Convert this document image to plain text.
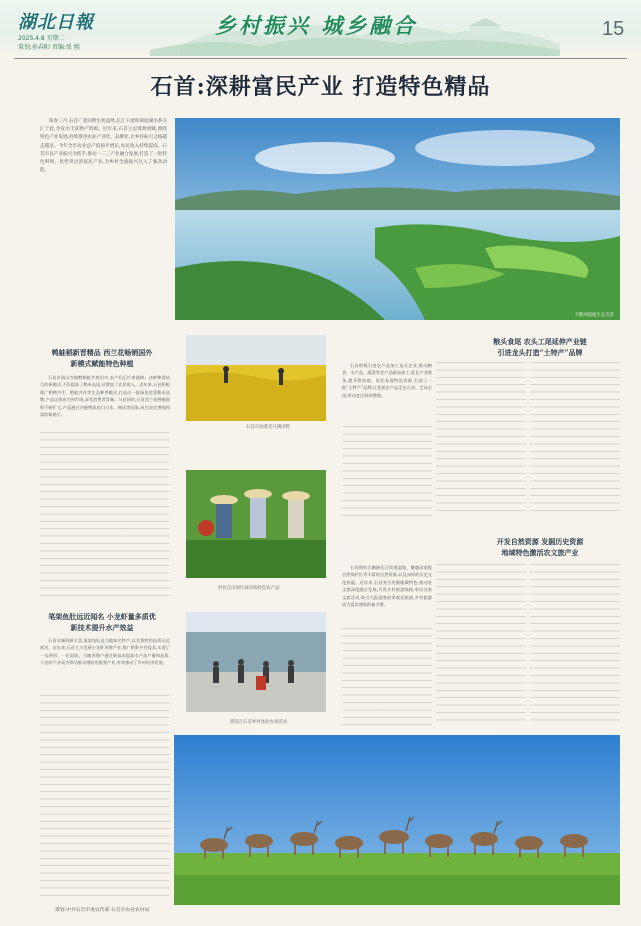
湖北日報
2025.4.8 星期二
策划:孙春阳 责编:张 熙
乡村振兴 城乡融合	15
石首:深耕富民产业 打造特色精品
阳春三月,石首广袤田野生机盎然,长江干流和洞庭湖水系交汇于此,孕育出丰富物产资源。近年来,石首立足资源禀赋,围绕特色产业发展,持续推进农业产业化、品牌化,让乡村振兴之路越走越宽。今年全市农业总产值稳步增长,农民收入持续提高。石首市以产业振兴为抓手,推动一二三产业融合发展,打造了一批特色鲜明、优势突出的富民产业,为乡村全面振兴注入了强劲动能。
天鹅洲湿地生态美景
鸭蛙稻新晋精品 西兰花畅销国外
新模式赋能特色种植
石首市团山寺镇鸭稻蛙共育田中,农户们正忙着插秧。这种种养结合的新模式,不仅提高了稻米品质,还增加了农民收入。近年来,石首积极推广稻鸭共生、稻蛙共作等生态种养模式,打造出一批绿色优质稻米品牌,产品远销省内外市场,深受消费者青睐。与此同时,石首西兰花种植面积不断扩大,产品通过冷链物流出口日本、韩国等国家,成为农民增收致富的新路子。
笔架鱼肚远近闻名 小龙虾量多质优
新技术提升水产效益
石首水域资源丰富,笔架鱼肚是当地知名特产,以其独特的品质远近闻名。近年来,石首大力发展小龙虾养殖产业,推广稻虾共作技术,实现了一水两用、一田双收。当地养殖户通过新技术提高水产品产量和品质,小龙虾产业成为带动群众增收的重要产业,有效推动了乡村经济发展。
石首市油菜花开满田野
村民在田间忙碌采收特色农产品
游客在石首乡村体验农事活动
粮头食尾 农头工尾延伸产业链
引进龙头打造“土特产”品牌
石首积极引进农产品加工龙头企业,推动粮食、水产品、蔬菜等农产品精深加工,延长产业链条,提升附加值。依托本地特色资源,打造了一批“土特产”品牌,让优质农产品走出石首、走向全国,带动农民持续增收。
开发自然资源 发掘历史资源
地域特色激活农文旅产业
石首拥有天鹅洲长江故道湿地、麋鹿国家级自然保护区等丰富的自然资源,以及深厚的历史文化底蕴。近年来,石首充分发掘地域特色,推动农文旅深度融合发展,开发乡村旅游线路,举办各类文旅活动,吸引大批游客前来观光旅游,乡村旅游成为富民增收的新引擎。
策划:中共石首市委宣传部 石首市农业农村局
